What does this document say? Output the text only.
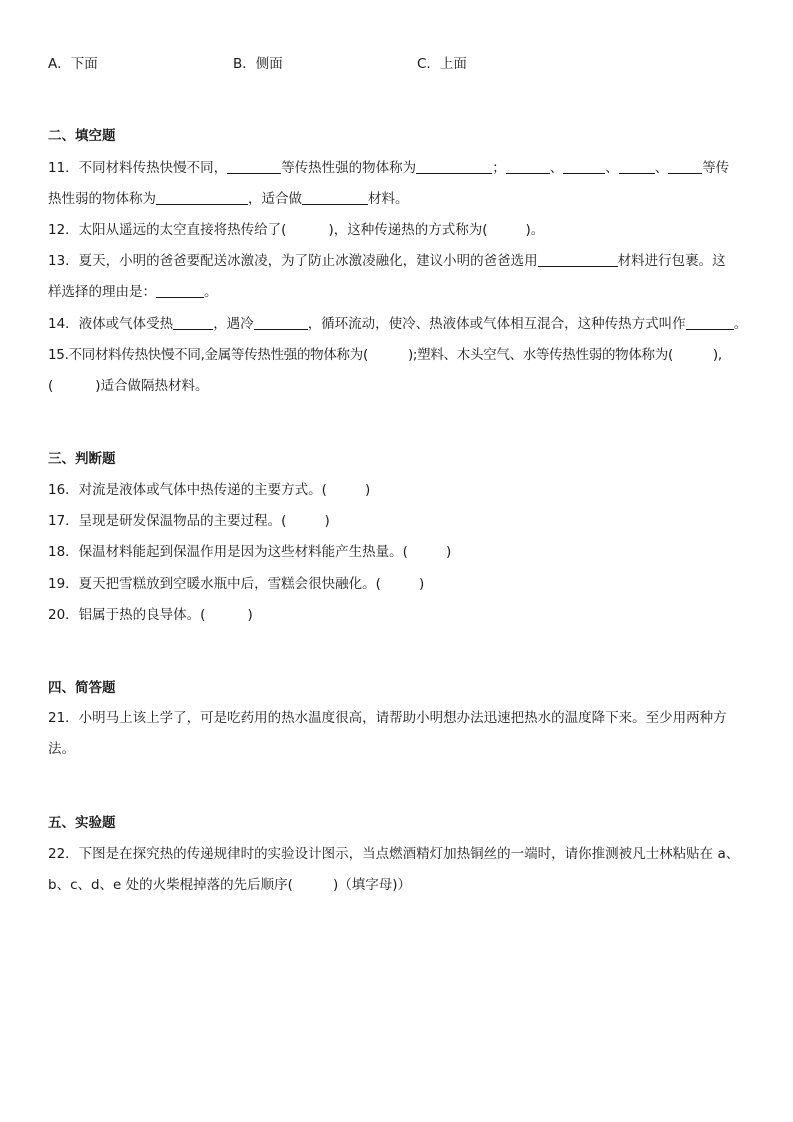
A．下面	B．侧面	C．上面
二、填空题
11．不同材料传热快慢不同，	等传热性强的物体称为	；	、	、	、	等传
热性弱的物体称为	，适合做	材料。
12．太阳从遥远的太空直接将热传给了(	)，这种传递热的方式称为(	)。
13．夏天，小明的爸爸要配送冰激凌，为了防止冰激凌融化，建议小明的爸爸选用	材料进行包裹。这
样选择的理由是：	。
14．液体或气体受热	，遇冷	，循环流动，使冷、热液体或气体相互混合，这种传热方式叫作	。
15.不同材料传热快慢不同,金属等传热性强的物体称为(	);塑料、木头空气、水等传热性弱的物体称为(	),
(	)适合做隔热材料。
三、判断题
16．对流是液体或气体中热传递的主要方式。(	)
17．呈现是研发保温物品的主要过程。(	)
18．保温材料能起到保温作用是因为这些材料能产生热量。(	)
19．夏天把雪糕放到空暖水瓶中后，雪糕会很快融化。(	)
20．铝属于热的良导体。(	)
四、简答题
21．小明马上该上学了，可是吃药用的热水温度很高，请帮助小明想办法迅速把热水的温度降下来。至少用两种方法。
五、实验题
22．下图是在探究热的传递规律时的实验设计图示，当点燃酒精灯加热铜丝的一端时，请你推测被凡士林粘贴在 a、b、c、d、e 处的火柴棍掉落的先后顺序(	)（填字母)）
